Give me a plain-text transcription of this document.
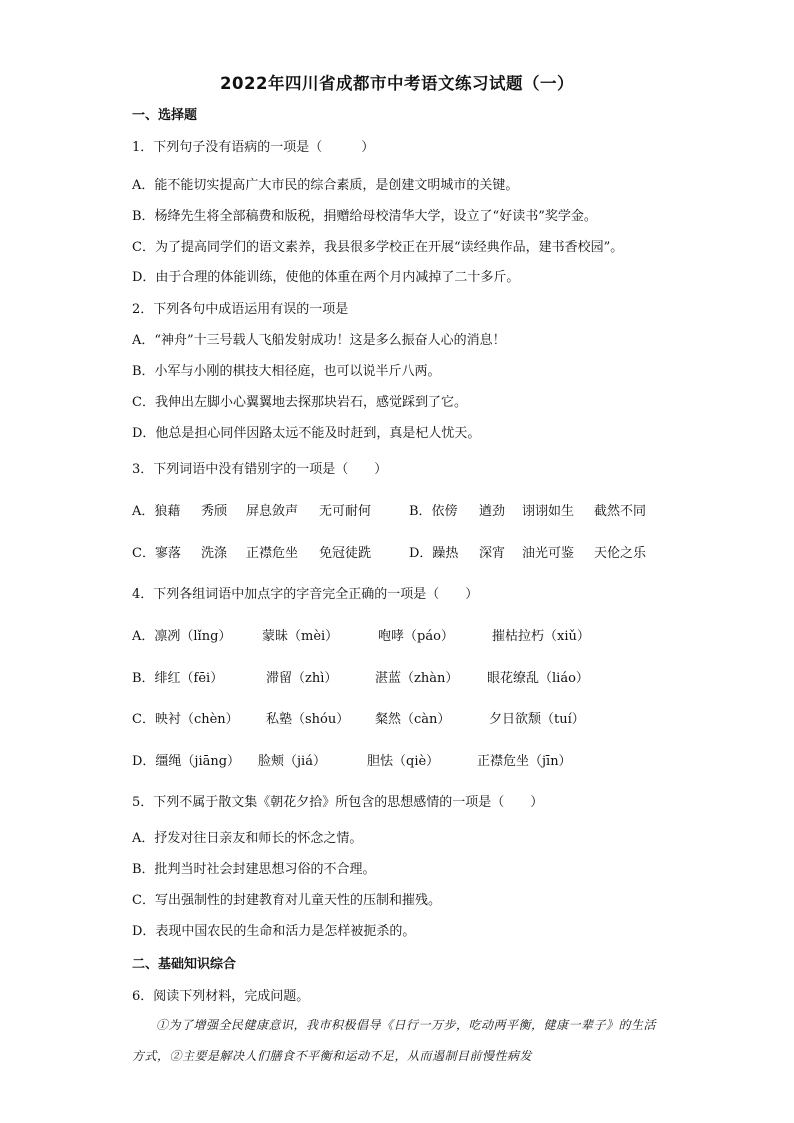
2022年四川省成都市中考语文练习试题（一）
一、选择题
1．下列句子没有语病的一项是（　　　）
A．能不能切实提高广大市民的综合素质，是创建文明城市的关键。
B．杨绛先生将全部稿费和版税，捐赠给母校清华大学，设立了“好读书”奖学金。
C．为了提高同学们的语文素养，我县很多学校正在开展“读经典作品，建书香校园”。
D．由于合理的体能训练，使他的体重在两个月内减掉了二十多斤。
2．下列各句中成语运用有误的一项是
A．“神舟”十三号载人飞船发射成功！这是多么振奋人心的消息！
B．小军与小刚的棋技大相径庭，也可以说半斤八两。
C．我伸出左脚小心翼翼地去探那块岩石，感觉踩到了它。
D．他总是担心同伴因路太远不能及时赶到，真是杞人忧天。
3．下列词语中没有错别字的一项是（　　）
A．狼藉 秀颀 屏息敛声 无可耐何	B．依傍 遒劲 诩诩如生 截然不同
C．寥落 洗涤 正襟危坐 免冠徒跣	D．躁热 深宵 油光可鉴 天伦之乐
4．下列各组词语中加点字的字音完全正确的一项是（　　）
A．凛冽（lǐng） 蒙昧（mèi）	咆哮（páo）	摧枯拉朽（xiǔ）
B．绯红（fēi）	滞留（zhì）	湛蓝（zhàn） 眼花缭乱（liáo）
C．映衬（chèn） 私塾（shóu） 粲然（càn）	夕日欲颓（tuí）
D．缰绳（jiāng） 脸颊（jiá）	胆怯（qiè）	正襟危坐（jīn）
5．下列不属于散文集《朝花夕拾》所包含的思想感情的一项是（　　）
A．抒发对往日亲友和师长的怀念之情。
B．批判当时社会封建思想习俗的不合理。
C．写出强制性的封建教育对儿童天性的压制和摧残。
D．表现中国农民的生命和活力是怎样被扼杀的。
二、基础知识综合
6．阅读下列材料，完成问题。
①为了增强全民健康意识，我市积极倡导《日行一万步，吃动两平衡，健康一辈子》的生活方式，②主要是解决人们膳食不平衡和运动不足，从而遏制目前慢性病发
